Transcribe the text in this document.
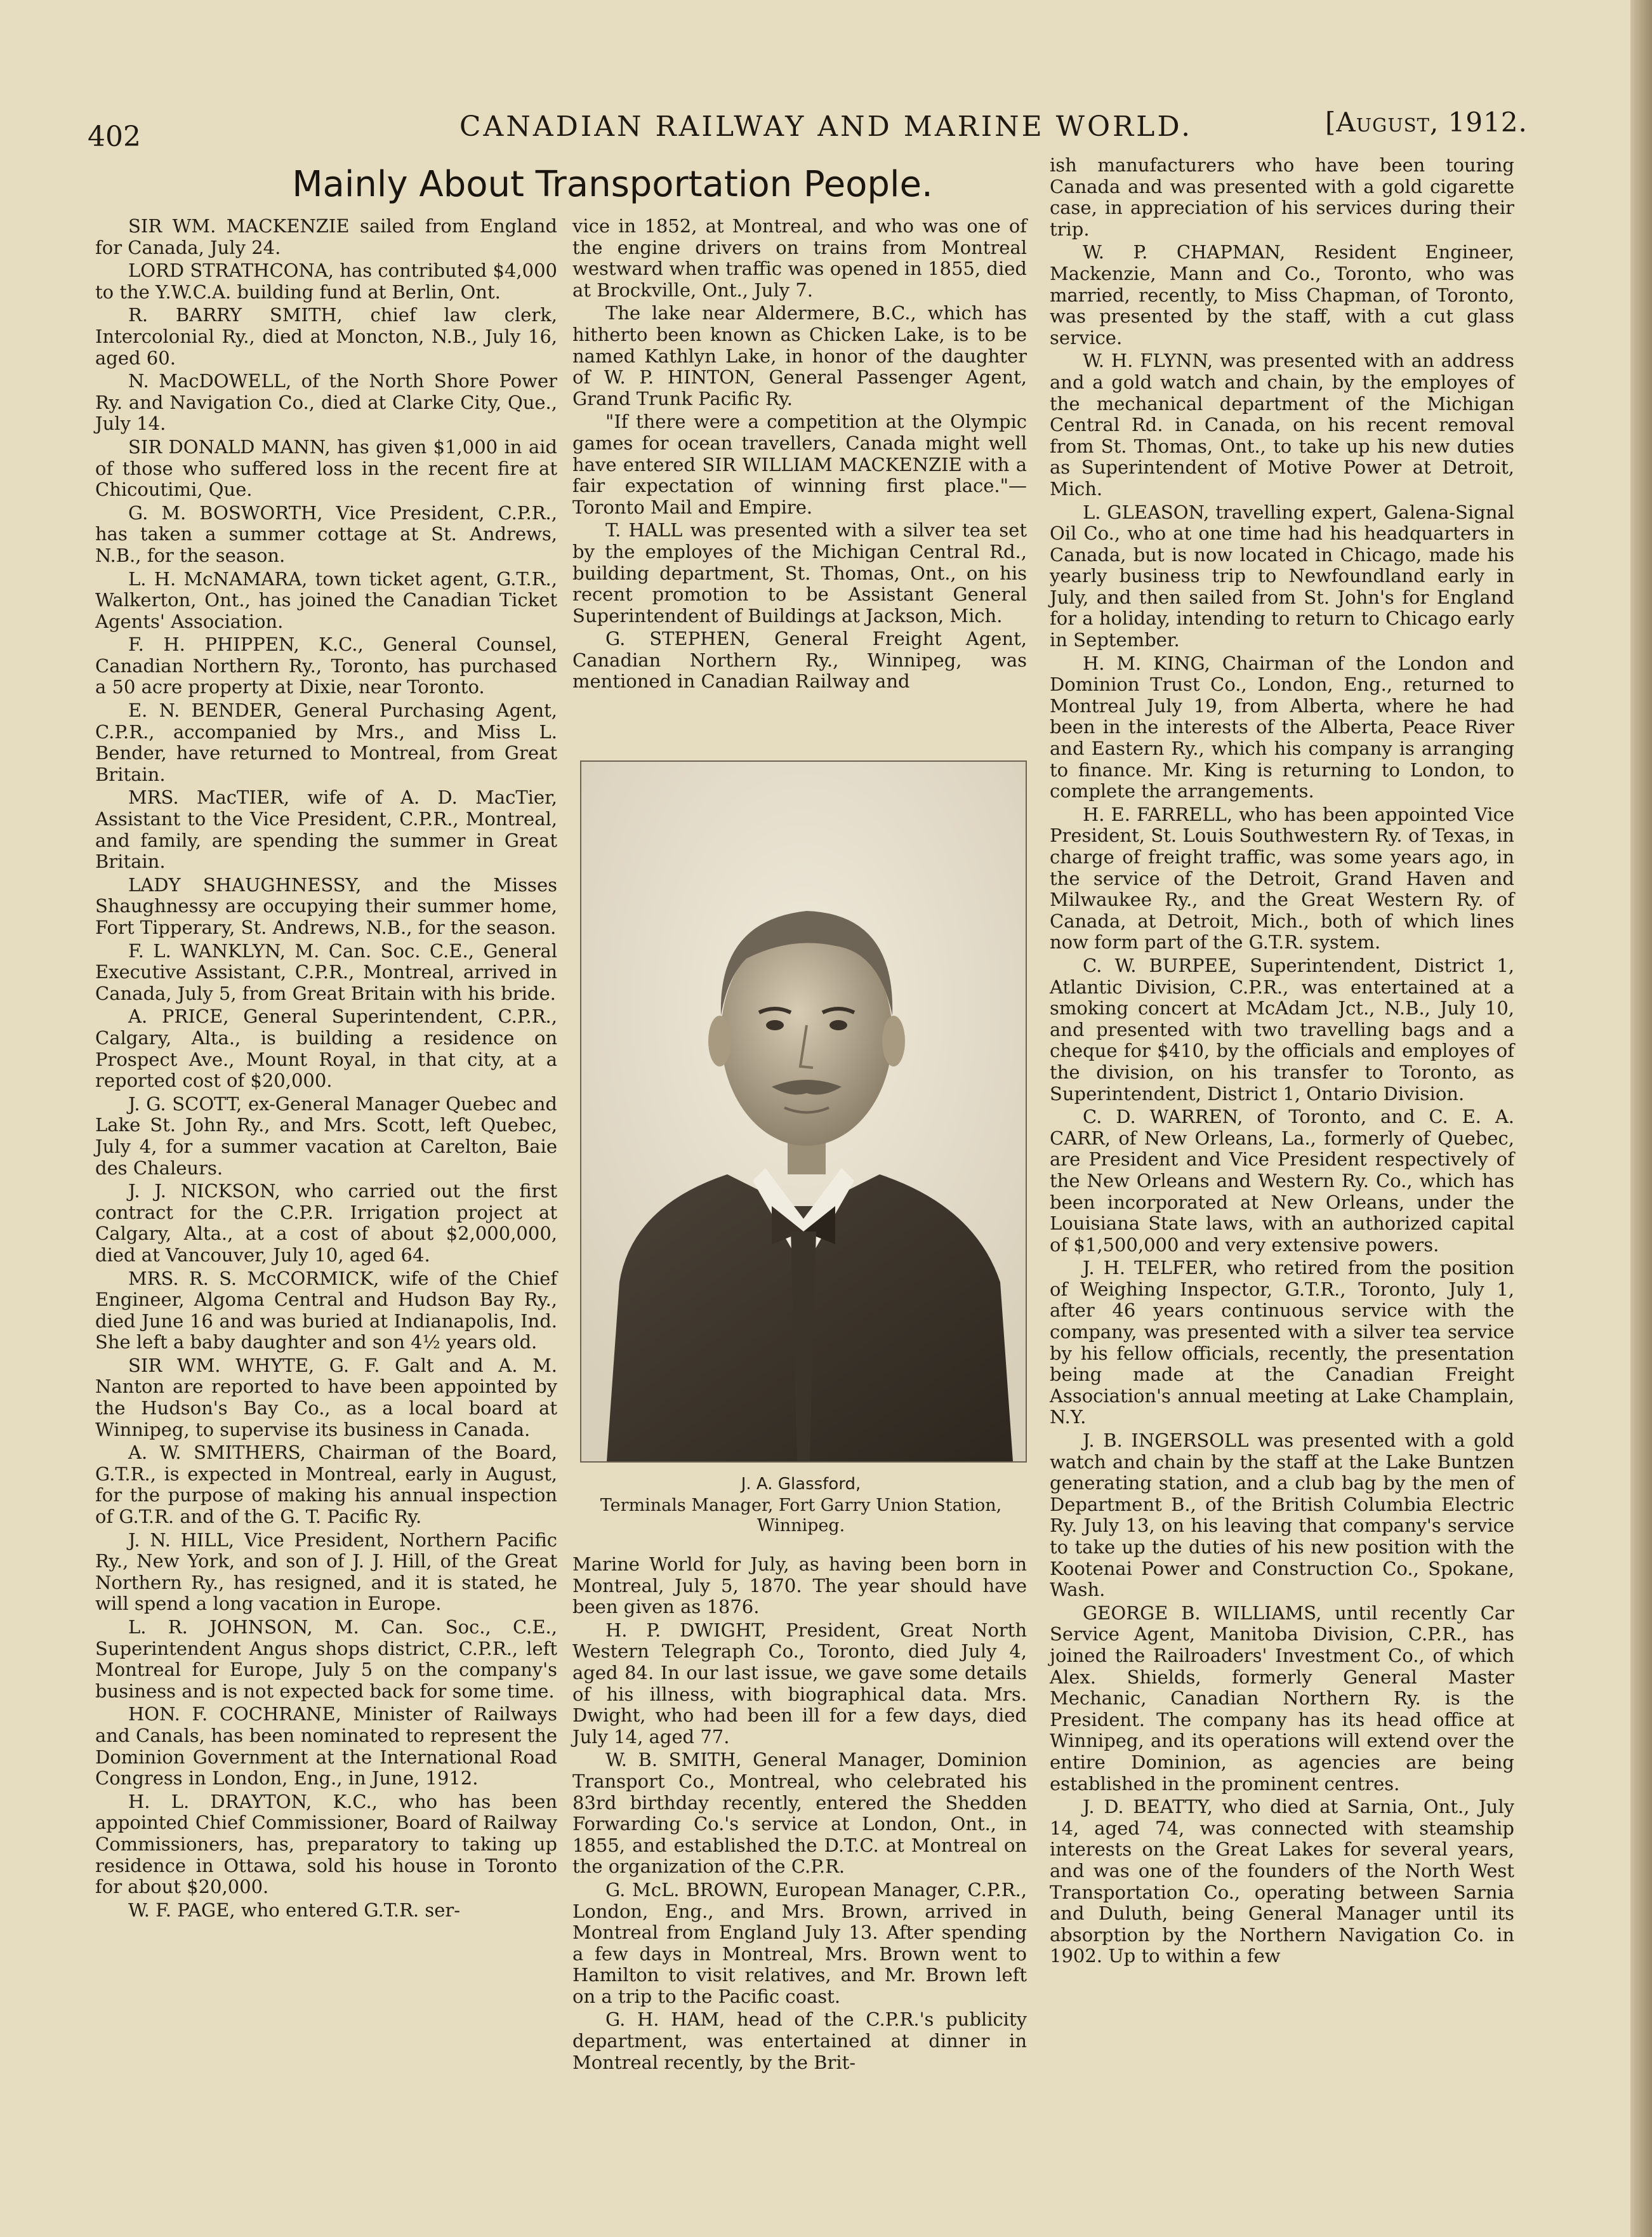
402	CANADIAN RAILWAY AND MARINE WORLD.	[August, 1912.
Mainly About Transportation People.

SIR WM. MACKENZIE sailed from England for Canada, July 24.

LORD STRATHCONA, has contributed $4,000 to the Y.W.C.A. building fund at Berlin, Ont.

R. BARRY SMITH, chief law clerk, Intercolonial Ry., died at Moncton, N.B., July 16, aged 60.

N. MacDOWELL, of the North Shore Power Ry. and Navigation Co., died at Clarke City, Que., July 14.

SIR DONALD MANN, has given $1,000 in aid of those who suffered loss in the recent fire at Chicoutimi, Que.

G. M. BOSWORTH, Vice President, C.P.R., has taken a summer cottage at St. Andrews, N.B., for the season.

L. H. McNAMARA, town ticket agent, G.T.R., Walkerton, Ont., has joined the Canadian Ticket Agents' Association.

F. H. PHIPPEN, K.C., General Counsel, Canadian Northern Ry., Toronto, has purchased a 50 acre property at Dixie, near Toronto.

E. N. BENDER, General Purchasing Agent, C.P.R., accompanied by Mrs., and Miss L. Bender, have returned to Montreal, from Great Britain.

MRS. MacTIER, wife of A. D. MacTier, Assistant to the Vice President, C.P.R., Montreal, and family, are spending the summer in Great Britain.

LADY SHAUGHNESSY, and the Misses Shaughnessy are occupying their summer home, Fort Tipperary, St. Andrews, N.B., for the season.

F. L. WANKLYN, M. Can. Soc. C.E., General Executive Assistant, C.P.R., Montreal, arrived in Canada, July 5, from Great Britain with his bride.

A. PRICE, General Superintendent, C.P.R., Calgary, Alta., is building a residence on Prospect Ave., Mount Royal, in that city, at a reported cost of $20,000.

J. G. SCOTT, ex-General Manager Quebec and Lake St. John Ry., and Mrs. Scott, left Quebec, July 4, for a summer vacation at Carelton, Baie des Chaleurs.

J. J. NICKSON, who carried out the first contract for the C.P.R. Irrigation project at Calgary, Alta., at a cost of about $2,000,000, died at Vancouver, July 10, aged 64.

MRS. R. S. McCORMICK, wife of the Chief Engineer, Algoma Central and Hudson Bay Ry., died June 16 and was buried at Indianapolis, Ind. She left a baby daughter and son 4½ years old.

SIR WM. WHYTE, G. F. Galt and A. M. Nanton are reported to have been appointed by the Hudson's Bay Co., as a local board at Winnipeg, to supervise its business in Canada.

A. W. SMITHERS, Chairman of the Board, G.T.R., is expected in Montreal, early in August, for the purpose of making his annual inspection of G.T.R. and of the G. T. Pacific Ry.

J. N. HILL, Vice President, Northern Pacific Ry., New York, and son of J. J. Hill, of the Great Northern Ry., has resigned, and it is stated, he will spend a long vacation in Europe.

L. R. JOHNSON, M. Can. Soc., C.E., Superintendent Angus shops district, C.P.R., left Montreal for Europe, July 5 on the company's business and is not expected back for some time.

HON. F. COCHRANE, Minister of Railways and Canals, has been nominated to represent the Dominion Government at the International Road Congress in London, Eng., in June, 1912.

H. L. DRAYTON, K.C., who has been appointed Chief Commissioner, Board of Railway Commissioners, has, preparatory to taking up residence in Ottawa, sold his house in Toronto for about $20,000.

W. F. PAGE, who entered G.T.R. ser-

vice in 1852, at Montreal, and who was one of the engine drivers on trains from Montreal westward when traffic was opened in 1855, died at Brockville, Ont., July 7.

The lake near Aldermere, B.C., which has hitherto been known as Chicken Lake, is to be named Kathlyn Lake, in honor of the daughter of W. P. HINTON, General Passenger Agent, Grand Trunk Pacific Ry.

"If there were a competition at the Olympic games for ocean travellers, Canada might well have entered SIR WILLIAM MACKENZIE with a fair expectation of winning first place."—Toronto Mail and Empire.

T. HALL was presented with a silver tea set by the employes of the Michigan Central Rd., building department, St. Thomas, Ont., on his recent promotion to be Assistant General Superintendent of Buildings at Jackson, Mich.

G. STEPHEN, General Freight Agent, Canadian Northern Ry., Winnipeg, was mentioned in Canadian Railway and

J. A. Glassford,
Terminals Manager, Fort Garry Union Station, Winnipeg.

Marine World for July, as having been born in Montreal, July 5, 1870. The year should have been given as 1876.

H. P. DWIGHT, President, Great North Western Telegraph Co., Toronto, died July 4, aged 84. In our last issue, we gave some details of his illness, with biographical data. Mrs. Dwight, who had been ill for a few days, died July 14, aged 77.

W. B. SMITH, General Manager, Dominion Transport Co., Montreal, who celebrated his 83rd birthday recently, entered the Shedden Forwarding Co.'s service at London, Ont., in 1855, and established the D.T.C. at Montreal on the organization of the C.P.R.

G. McL. BROWN, European Manager, C.P.R., London, Eng., and Mrs. Brown, arrived in Montreal from England July 13. After spending a few days in Montreal, Mrs. Brown went to Hamilton to visit relatives, and Mr. Brown left on a trip to the Pacific coast.

G. H. HAM, head of the C.P.R.'s publicity department, was entertained at dinner in Montreal recently, by the Brit-

ish manufacturers who have been touring Canada and was presented with a gold cigarette case, in appreciation of his services during their trip.

W. P. CHAPMAN, Resident Engineer, Mackenzie, Mann and Co., Toronto, who was married, recently, to Miss Chapman, of Toronto, was presented by the staff, with a cut glass service.

W. H. FLYNN, was presented with an address and a gold watch and chain, by the employes of the mechanical department of the Michigan Central Rd. in Canada, on his recent removal from St. Thomas, Ont., to take up his new duties as Superintendent of Motive Power at Detroit, Mich.

L. GLEASON, travelling expert, Galena-Signal Oil Co., who at one time had his headquarters in Canada, but is now located in Chicago, made his yearly business trip to Newfoundland early in July, and then sailed from St. John's for England for a holiday, intending to return to Chicago early in September.

H. M. KING, Chairman of the London and Dominion Trust Co., London, Eng., returned to Montreal July 19, from Alberta, where he had been in the interests of the Alberta, Peace River and Eastern Ry., which his company is arranging to finance. Mr. King is returning to London, to complete the arrangements.

H. E. FARRELL, who has been appointed Vice President, St. Louis Southwestern Ry. of Texas, in charge of freight traffic, was some years ago, in the service of the Detroit, Grand Haven and Milwaukee Ry., and the Great Western Ry. of Canada, at Detroit, Mich., both of which lines now form part of the G.T.R. system.

C. W. BURPEE, Superintendent, District 1, Atlantic Division, C.P.R., was entertained at a smoking concert at McAdam Jct., N.B., July 10, and presented with two travelling bags and a cheque for $410, by the officials and employes of the division, on his transfer to Toronto, as Superintendent, District 1, Ontario Division.

C. D. WARREN, of Toronto, and C. E. A. CARR, of New Orleans, La., formerly of Quebec, are President and Vice President respectively of the New Orleans and Western Ry. Co., which has been incorporated at New Orleans, under the Louisiana State laws, with an authorized capital of $1,500,000 and very extensive powers.

J. H. TELFER, who retired from the position of Weighing Inspector, G.T.R., Toronto, July 1, after 46 years continuous service with the company, was presented with a silver tea service by his fellow officials, recently, the presentation being made at the Canadian Freight Association's annual meeting at Lake Champlain, N.Y.

J. B. INGERSOLL was presented with a gold watch and chain by the staff at the Lake Buntzen generating station, and a club bag by the men of Department B., of the British Columbia Electric Ry. July 13, on his leaving that company's service to take up the duties of his new position with the Kootenai Power and Construction Co., Spokane, Wash.

GEORGE B. WILLIAMS, until recently Car Service Agent, Manitoba Division, C.P.R., has joined the Railroaders' Investment Co., of which Alex. Shields, formerly General Master Mechanic, Canadian Northern Ry. is the President. The company has its head office at Winnipeg, and its operations will extend over the entire Dominion, as agencies are being established in the prominent centres.

J. D. BEATTY, who died at Sarnia, Ont., July 14, aged 74, was connected with steamship interests on the Great Lakes for several years, and was one of the founders of the North West Transportation Co., operating between Sarnia and Duluth, being General Manager until its absorption by the Northern Navigation Co. in 1902. Up to within a few
